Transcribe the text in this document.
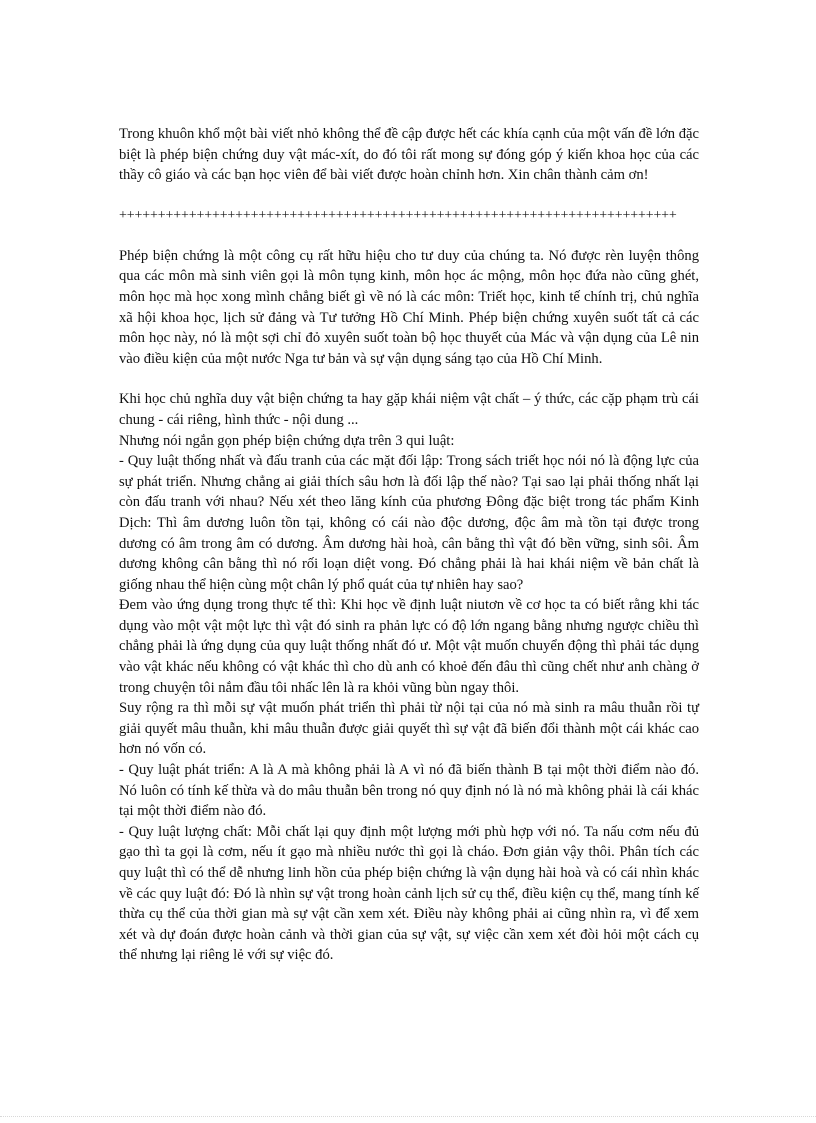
Trong khuôn khổ một bài viết nhỏ không thể đề cập được hết các khía cạnh của một vấn đề lớn đặc biệt là phép biện chứng duy vật mác-xít, do đó tôi rất mong sự đóng góp ý kiến khoa học của các thầy cô giáo và các bạn học viên để bài viết được hoàn chỉnh hơn. Xin chân thành cảm ơn!

++++++++++++++++++++++++++++++++++++++++++++++++++++++++++++++++++++++++

Phép biện chứng là một công cụ rất hữu hiệu cho tư duy của chúng ta. Nó được rèn luyện thông qua các môn mà sinh viên gọi là môn tụng kinh, môn học ác mộng, môn học đứa nào cũng ghét, môn học mà học xong mình chẳng biết gì về nó là các môn: Triết học, kinh tế chính trị, chủ nghĩa xã hội khoa học, lịch sử đảng và Tư tưởng Hồ Chí Minh. Phép biện chứng xuyên suốt tất cả các môn học này, nó là một sợi chỉ đỏ xuyên suốt toàn bộ học thuyết của Mác và vận dụng của Lê nin vào điều kiện của một nước Nga tư bản và sự vận dụng sáng tạo của Hồ Chí Minh.

Khi học chủ nghĩa duy vật biện chứng ta hay gặp khái niệm vật chất – ý thức, các cặp phạm trù cái chung - cái riêng, hình thức - nội dung ...

Nhưng nói ngắn gọn phép biện chứng dựa trên 3 qui luật:

- Quy luật thống nhất và đấu tranh của các mặt đối lập: Trong sách triết học nói nó là động lực của sự phát triển. Nhưng chẳng ai giải thích sâu hơn là đối lập thế nào? Tại sao lại phải thống nhất lại còn đấu tranh với nhau? Nếu xét theo lăng kính của phương Đông đặc biệt trong tác phẩm Kinh Dịch: Thì âm dương luôn tồn tại, không có cái nào độc dương, độc âm mà tồn tại được trong dương có âm trong âm có dương. Âm dương hài hoà, cân bằng thì vật đó bền vững, sinh sôi. Âm dương không cân bằng thì nó rối loạn diệt vong. Đó chẳng phải là hai khái niệm về bản chất là giống nhau thể hiện cùng một chân lý phổ quát của tự nhiên hay sao?

Đem vào ứng dụng trong thực tế thì: Khi học về định luật niutơn về cơ học ta có biết rằng khi tác dụng vào một vật một lực thì vật đó sinh ra phản lực có độ lớn ngang bằng nhưng ngược chiều thì chẳng phải là ứng dụng của quy luật thống nhất đó ư. Một vật muốn chuyển động thì phải tác dụng vào vật khác nếu không có vật khác thì cho dù anh có khoẻ đến đâu thì cũng chết như anh chàng ở trong chuyện tôi nắm đầu tôi nhấc lên là ra khỏi vũng bùn ngay thôi.

Suy rộng ra thì mỗi sự vật muốn phát triển thì phải từ nội tại của nó mà sinh ra mâu thuẫn rồi tự giải quyết mâu thuẫn, khi mâu thuẫn được giải quyết thì sự vật đã biến đổi thành một cái khác cao hơn nó vốn có.

- Quy luật phát triển: A là A mà không phải là A vì nó đã biến thành B tại một thời điểm nào đó. Nó luôn có tính kế thừa và do mâu thuẫn bên trong nó quy định nó là nó mà không phải là cái khác tại một thời điểm nào đó.

- Quy luật lượng chất: Mỗi chất lại quy định một lượng mới phù hợp với nó. Ta nấu cơm nếu đủ gạo thì ta gọi là cơm, nếu ít gạo mà nhiều nước thì gọi là cháo. Đơn giản vậy thôi. Phân tích các quy luật thì có thể dễ nhưng linh hồn của phép biện chứng là vận dụng hài hoà và có cái nhìn khác về các quy luật đó: Đó là nhìn sự vật trong hoàn cảnh lịch sử cụ thể, điều kiện cụ thể, mang tính kế thừa cụ thể của thời gian mà sự vật cần xem xét. Điều này không phải ai cũng nhìn ra, vì để xem xét và dự đoán được hoàn cảnh và thời gian của sự vật, sự việc cần xem xét đòi hỏi một cách cụ thể nhưng lại riêng lẻ với sự việc đó.
